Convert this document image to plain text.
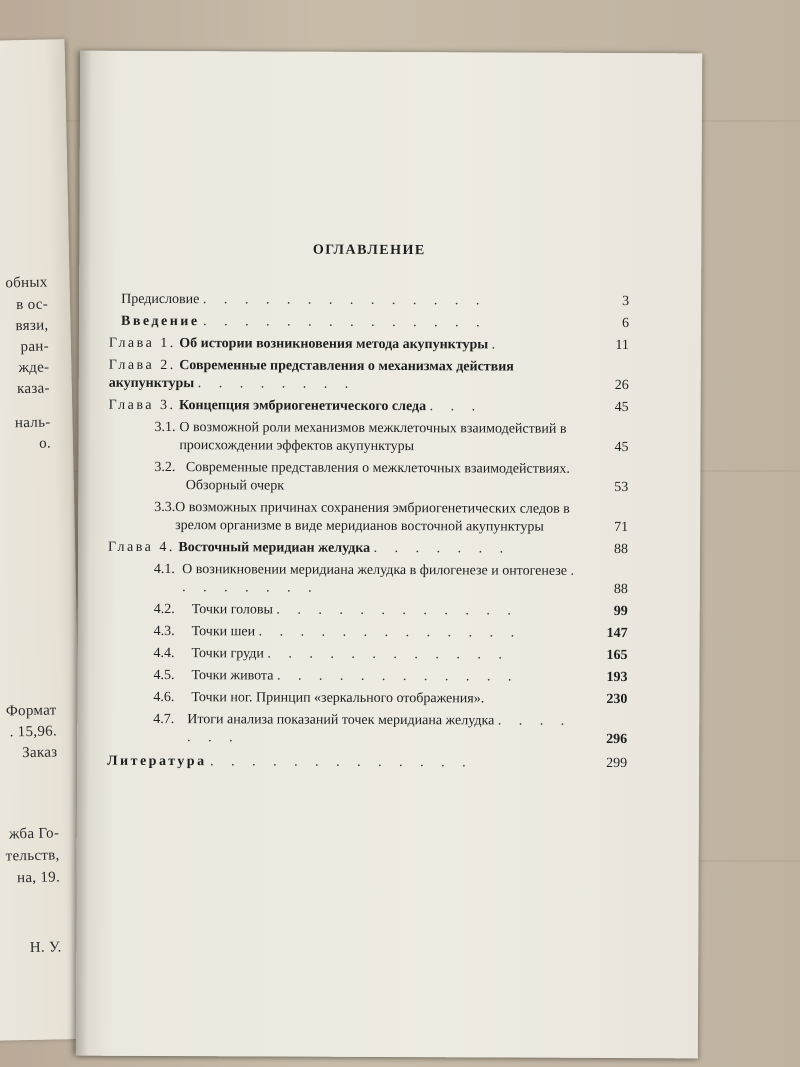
обных
в ос-
вязи,
ран-
жде-
каза-
наль-
о.
Формат
. 15,96.
Заказ
жба Го-
тельств,
на, 19.
Н. У.
ОГЛАВЛЕНИЕ
Предисловие . . . . . . . . . . . . . .	3
Введение . . . . . . . . . . . . . .	6
Глава 1. Об истории возникновения метода акупунктуры .	11
Глава 2. Современные представления о механизмах действия акупунктуры . . . . . . . .	26
Глава 3. Концепция эмбриогенетического следа . . .	45
3.1. О возможной роли механизмов межклеточных взаимодействий в происхождении эффектов акупунктуры	45
3.2. Современные представления о межклеточных взаимодействиях. Обзорный очерк	53
3.3. О возможных причинах сохранения эмбриогенетических следов в зрелом организме в виде меридианов восточной акупунктуры	71
Глава 4. Восточный меридиан желудка . . . . . . .	88
4.1. О возникновении меридиана желудка в филогенезе и онтогенезе . . . . . . . .	88
4.2.	Точки головы . . . . . . . . . . . .	99
4.3.	Точки шеи . . . . . . . . . . . . .	147
4.4.	Точки груди . . . . . . . . . . . .	165
4.5.	Точки живота . . . . . . . . . . . .	193
4.6.	Точки ног. Принцип «зеркального отображения».	230
4.7. Итоги анализа показаний точек меридиана желудка . . . . . . .	296
Литература . . . . . . . . . . . . .	299
